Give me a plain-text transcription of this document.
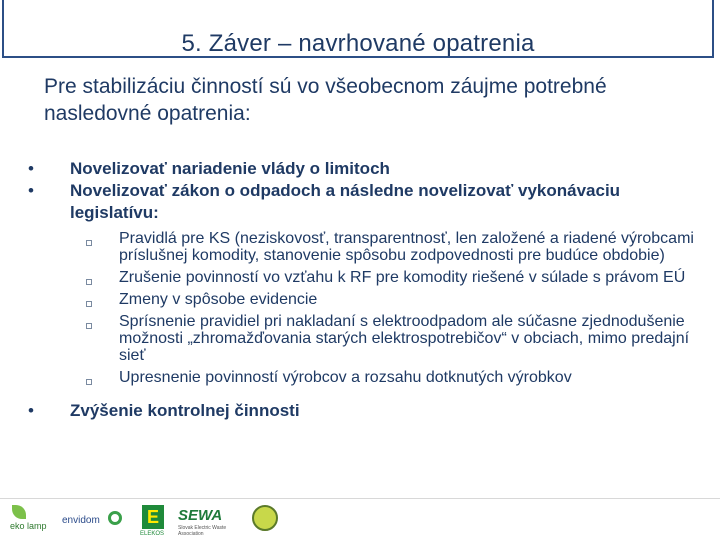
5. Záver – navrhované opatrenia
Pre stabilizáciu činností sú vo všeobecnom záujme potrebné nasledovné opatrenia:
•	Novelizovať nariadenie vlády o limitoch
•	Novelizovať zákon o odpadoch a následne novelizovať vykonávaciu legislatívu:
Pravidlá pre KS (neziskovosť, transparentnosť, len založené a riadené výrobcami príslušnej komodity, stanovenie spôsobu zodpovednosti pre budúce obdobie)
Zrušenie povinností vo vzťahu k RF pre komodity riešené v súlade s právom EÚ
Zmeny v spôsobe evidencie
Sprísnenie pravidiel pri nakladaní s elektroodpadom ale súčasne zjednodušenie možnosti „zhromažďovania starých elektrospotrebičov“ v obciach, mimo predajní sieť
Upresnenie povinností výrobcov a rozsahu dotknutých výrobkov
•	Zvýšenie kontrolnej činnosti
eko lamp envidom	E
ELEKOS
SEWA
Slovak Electric Waste Association
